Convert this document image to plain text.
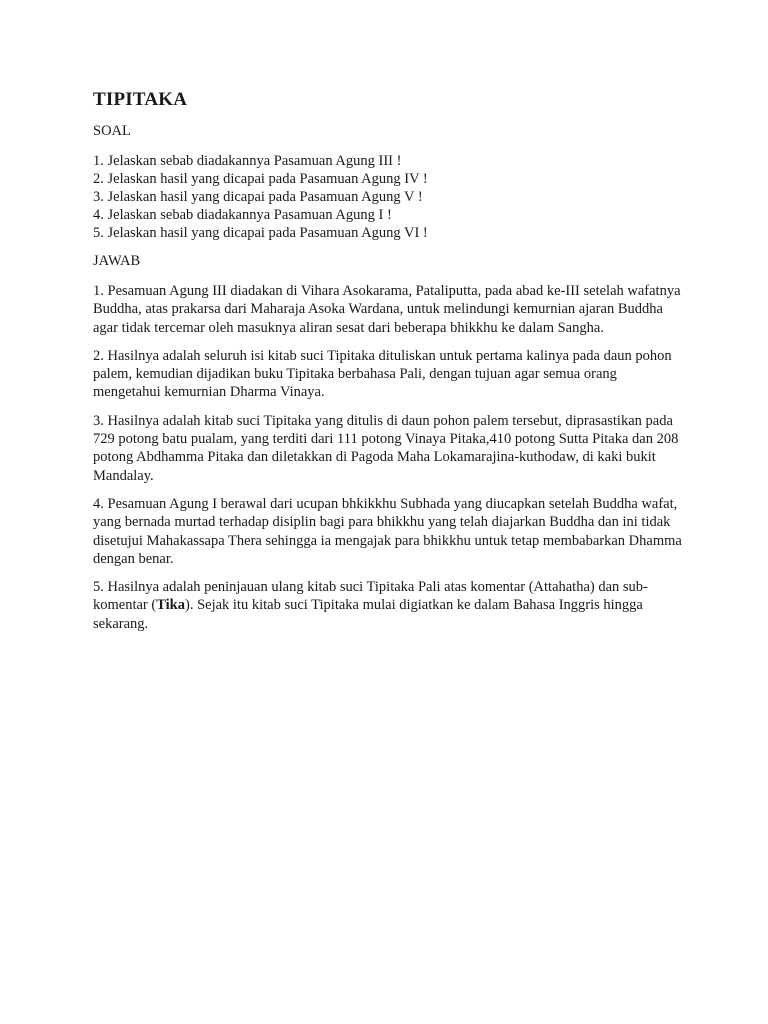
TIPITAKA
SOAL
1. Jelaskan sebab diadakannya Pasamuan Agung III !
2. Jelaskan hasil yang dicapai pada Pasamuan Agung IV !
3. Jelaskan hasil yang dicapai pada Pasamuan Agung V !
4. Jelaskan sebab diadakannya Pasamuan Agung I !
5. Jelaskan hasil yang dicapai pada Pasamuan Agung VI !
JAWAB

1. Pesamuan Agung III diadakan di Vihara Asokarama, Pataliputta, pada abad ke-III setelah wafatnya Buddha, atas prakarsa dari Maharaja Asoka Wardana, untuk melindungi kemurnian ajaran Buddha agar tidak tercemar oleh masuknya aliran sesat dari beberapa bhikkhu ke dalam Sangha.

2. Hasilnya adalah seluruh isi kitab suci Tipitaka dituliskan untuk pertama kalinya pada daun pohon palem, kemudian dijadikan buku Tipitaka berbahasa Pali, dengan tujuan agar semua orang mengetahui kemurnian Dharma Vinaya.

3. Hasilnya adalah kitab suci Tipitaka yang ditulis di daun pohon palem tersebut, diprasastikan pada 729 potong batu pualam, yang terditi dari 111 potong Vinaya Pitaka,410 potong Sutta Pitaka dan 208 potong Abdhamma Pitaka dan diletakkan di Pagoda Maha Lokamarajina-kuthodaw, di kaki bukit Mandalay.

4. Pesamuan Agung I berawal dari ucupan bhkikkhu Subhada yang diucapkan setelah Buddha wafat, yang bernada murtad terhadap disiplin bagi para bhikkhu yang telah diajarkan Buddha dan ini tidak disetujui Mahakassapa Thera sehingga ia mengajak para bhikkhu untuk tetap membabarkan Dhamma dengan benar.

5. Hasilnya adalah peninjauan ulang kitab suci Tipitaka Pali atas komentar (Attahatha) dan sub-komentar (Tika). Sejak itu kitab suci Tipitaka mulai digiatkan ke dalam Bahasa Inggris hingga sekarang.
